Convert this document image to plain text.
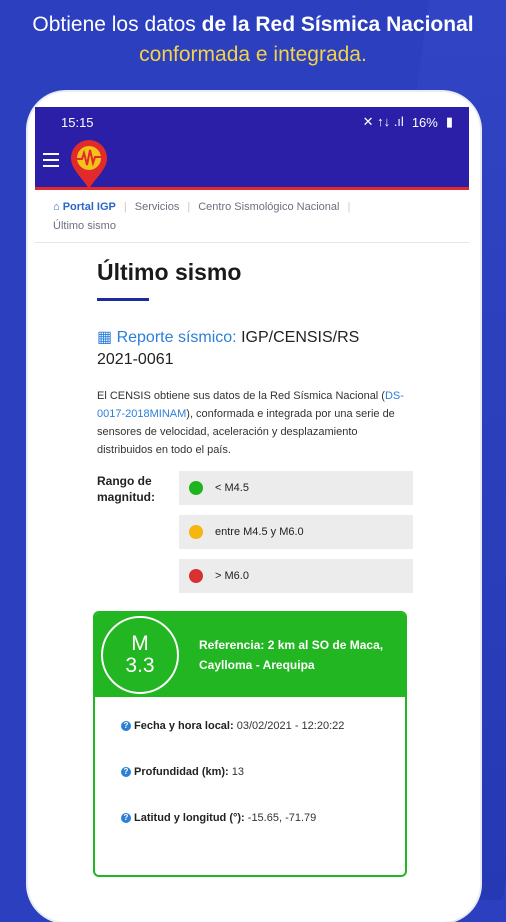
Obtiene los datos de la Red Sísmica Nacional
conformada e integrada.
15:15	✕ ↑↓ .ıl 16% ▮
⌂ Portal IGP | Servicios | Centro Sismológico Nacional |
Último sismo
Último sismo
▦ Reporte sísmico: IGP/CENSIS/RS 2021-0061
El CENSIS obtiene sus datos de la Red Sísmica Nacional (DS-0017-2018MINAM), conformada e integrada por una serie de sensores de velocidad, aceleración y desplazamiento distribuidos en todo el país.
Rango de magnitud:
< M4.5
entre M4.5 y M6.0
> M6.0
M
3.3
Referencia: 2 km al SO de Maca, Caylloma - Arequipa
? Fecha y hora local: 03/02/2021 - 12:20:22
? Profundidad (km): 13
? Latitud y longitud (°): -15.65, -71.79
